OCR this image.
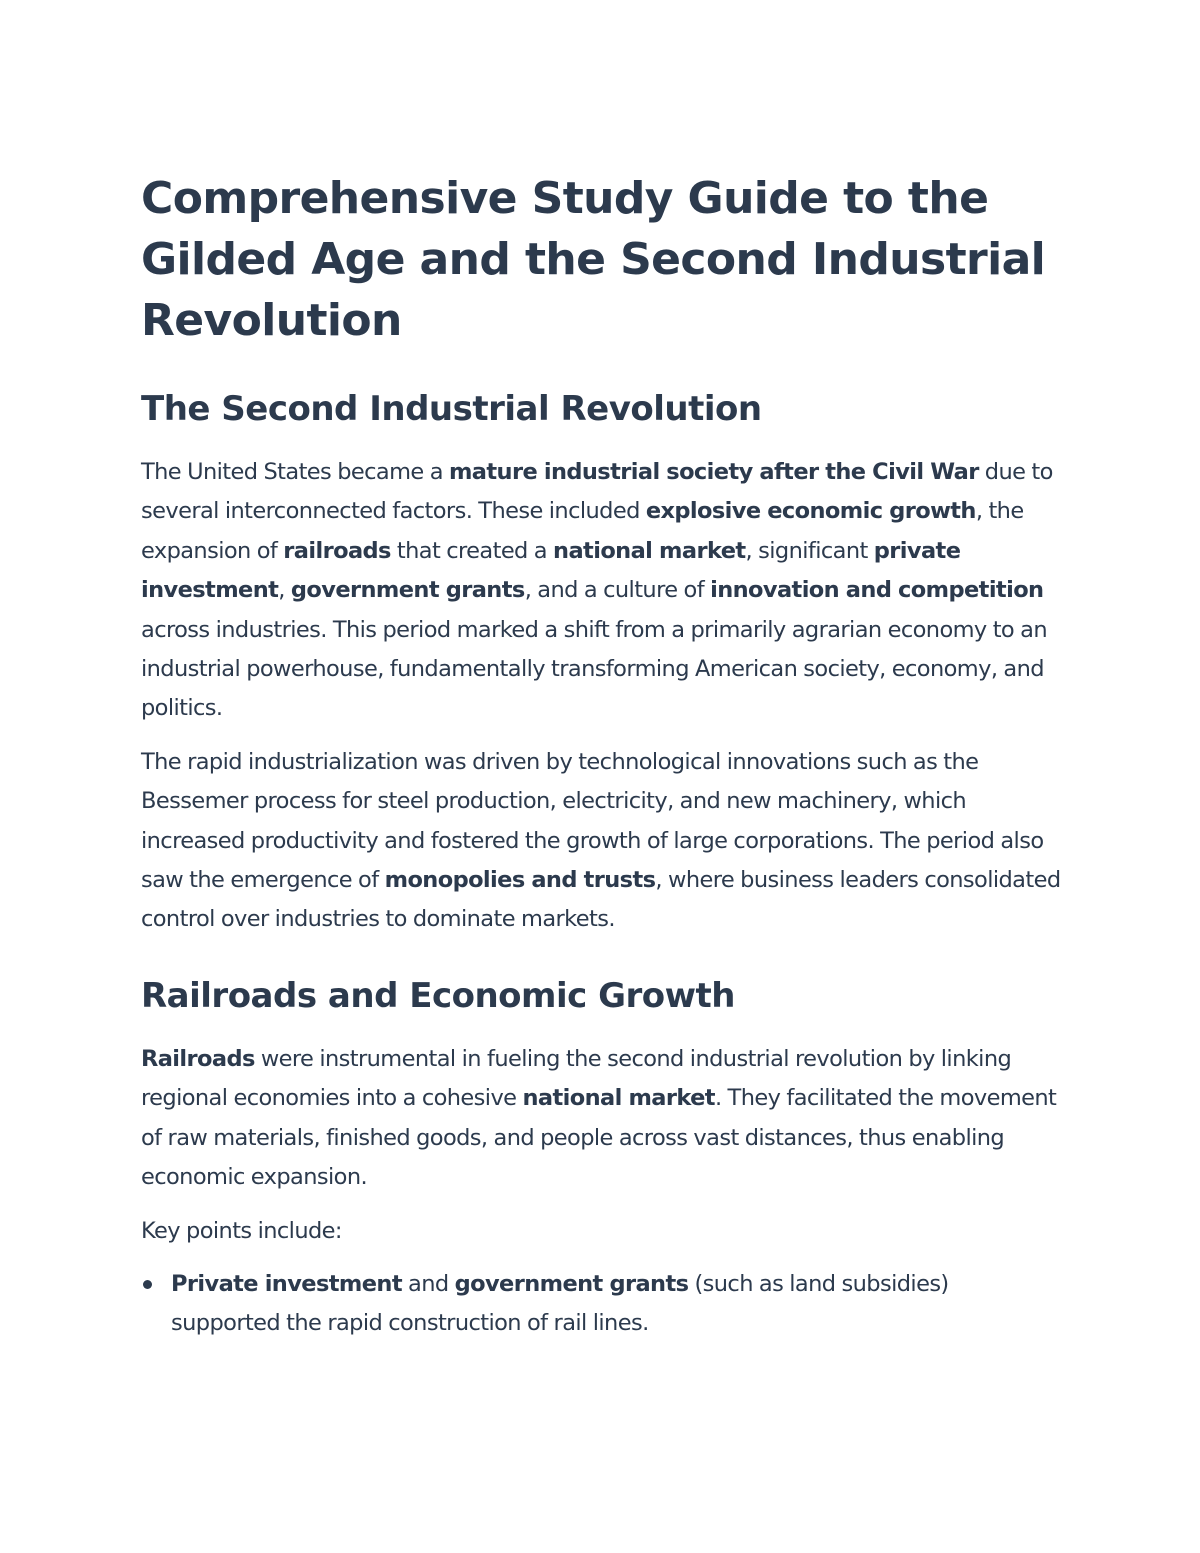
Comprehensive Study Guide to the Gilded Age and the Second Industrial Revolution
The Second Industrial Revolution

The United States became a mature industrial society after the Civil War due to several interconnected factors. These included explosive economic growth, the expansion of railroads that created a national market, significant private investment, government grants, and a culture of innovation and competition across industries. This period marked a shift from a primarily agrarian economy to an industrial powerhouse, fundamentally transforming American society, economy, and politics.

The rapid industrialization was driven by technological innovations such as the Bessemer process for steel production, electricity, and new machinery, which increased productivity and fostered the growth of large corporations. The period also saw the emergence of monopolies and trusts, where business leaders consolidated control over industries to dominate markets.

Railroads and Economic Growth

Railroads were instrumental in fueling the second industrial revolution by linking regional economies into a cohesive national market. They facilitated the movement of raw materials, finished goods, and people across vast distances, thus enabling economic expansion.

Key points include:

Private investment and government grants (such as land subsidies) supported the rapid construction of rail lines.
